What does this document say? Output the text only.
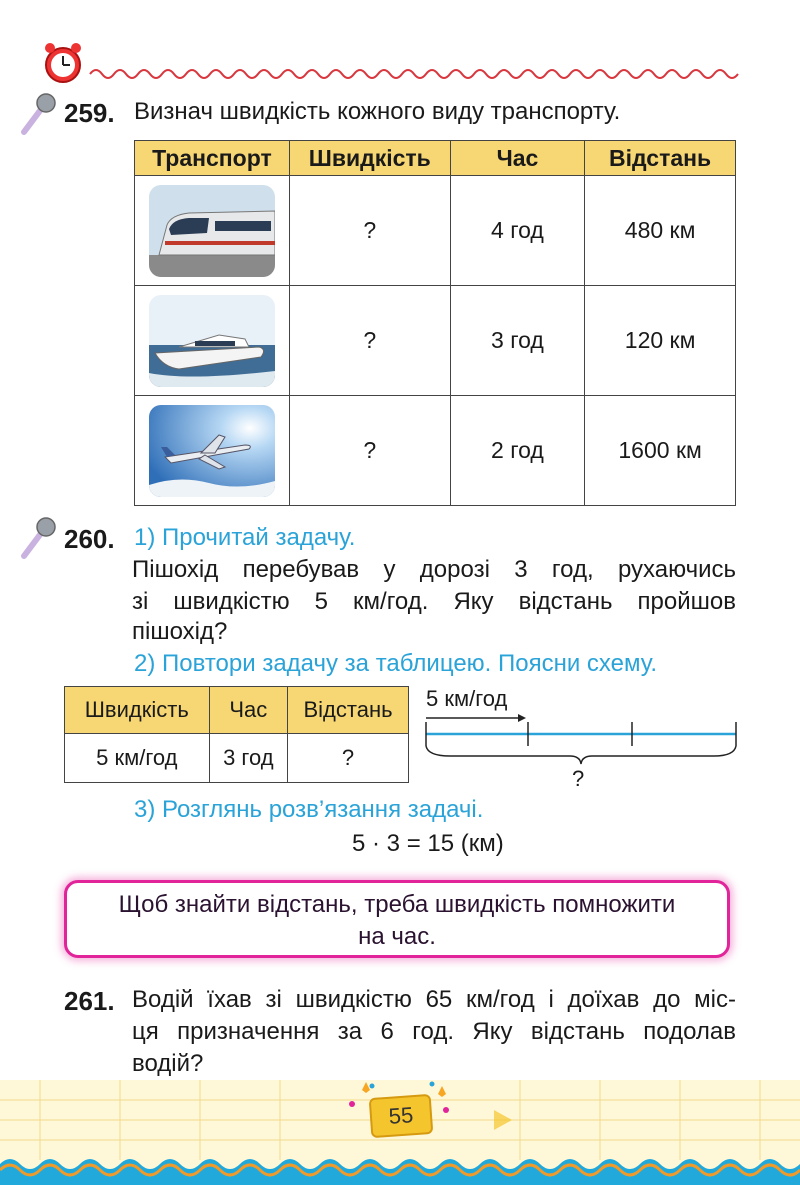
259. Визнач швидкість кожного виду транспорту.
Транспорт	Швидкість	Час	Відстань

	?	4 год	480 км

	?	3 год	120 км

	?	2 год	1600 км
260. 1) Прочитай задачу.
Пішохід перебував у дорозі 3 год, рухаючись
зі швидкістю 5 км/год. Яку відстань пройшов
пішохід?
2) Повтори задачу за таблицею. Поясни схему.
Швидкість	Час	Відстань
5 км/год	3 год	?
5 км/год
?
3) Розглянь розв’язання задачі.
5 · 3 = 15 (км)
Щоб знайти відстань, треба швидкість помножити
на час.
261. Водій їхав зі швидкістю 65 км/год і доїхав до міс-
ця призначення за 6 год. Яку відстань подолав
водій?
55
